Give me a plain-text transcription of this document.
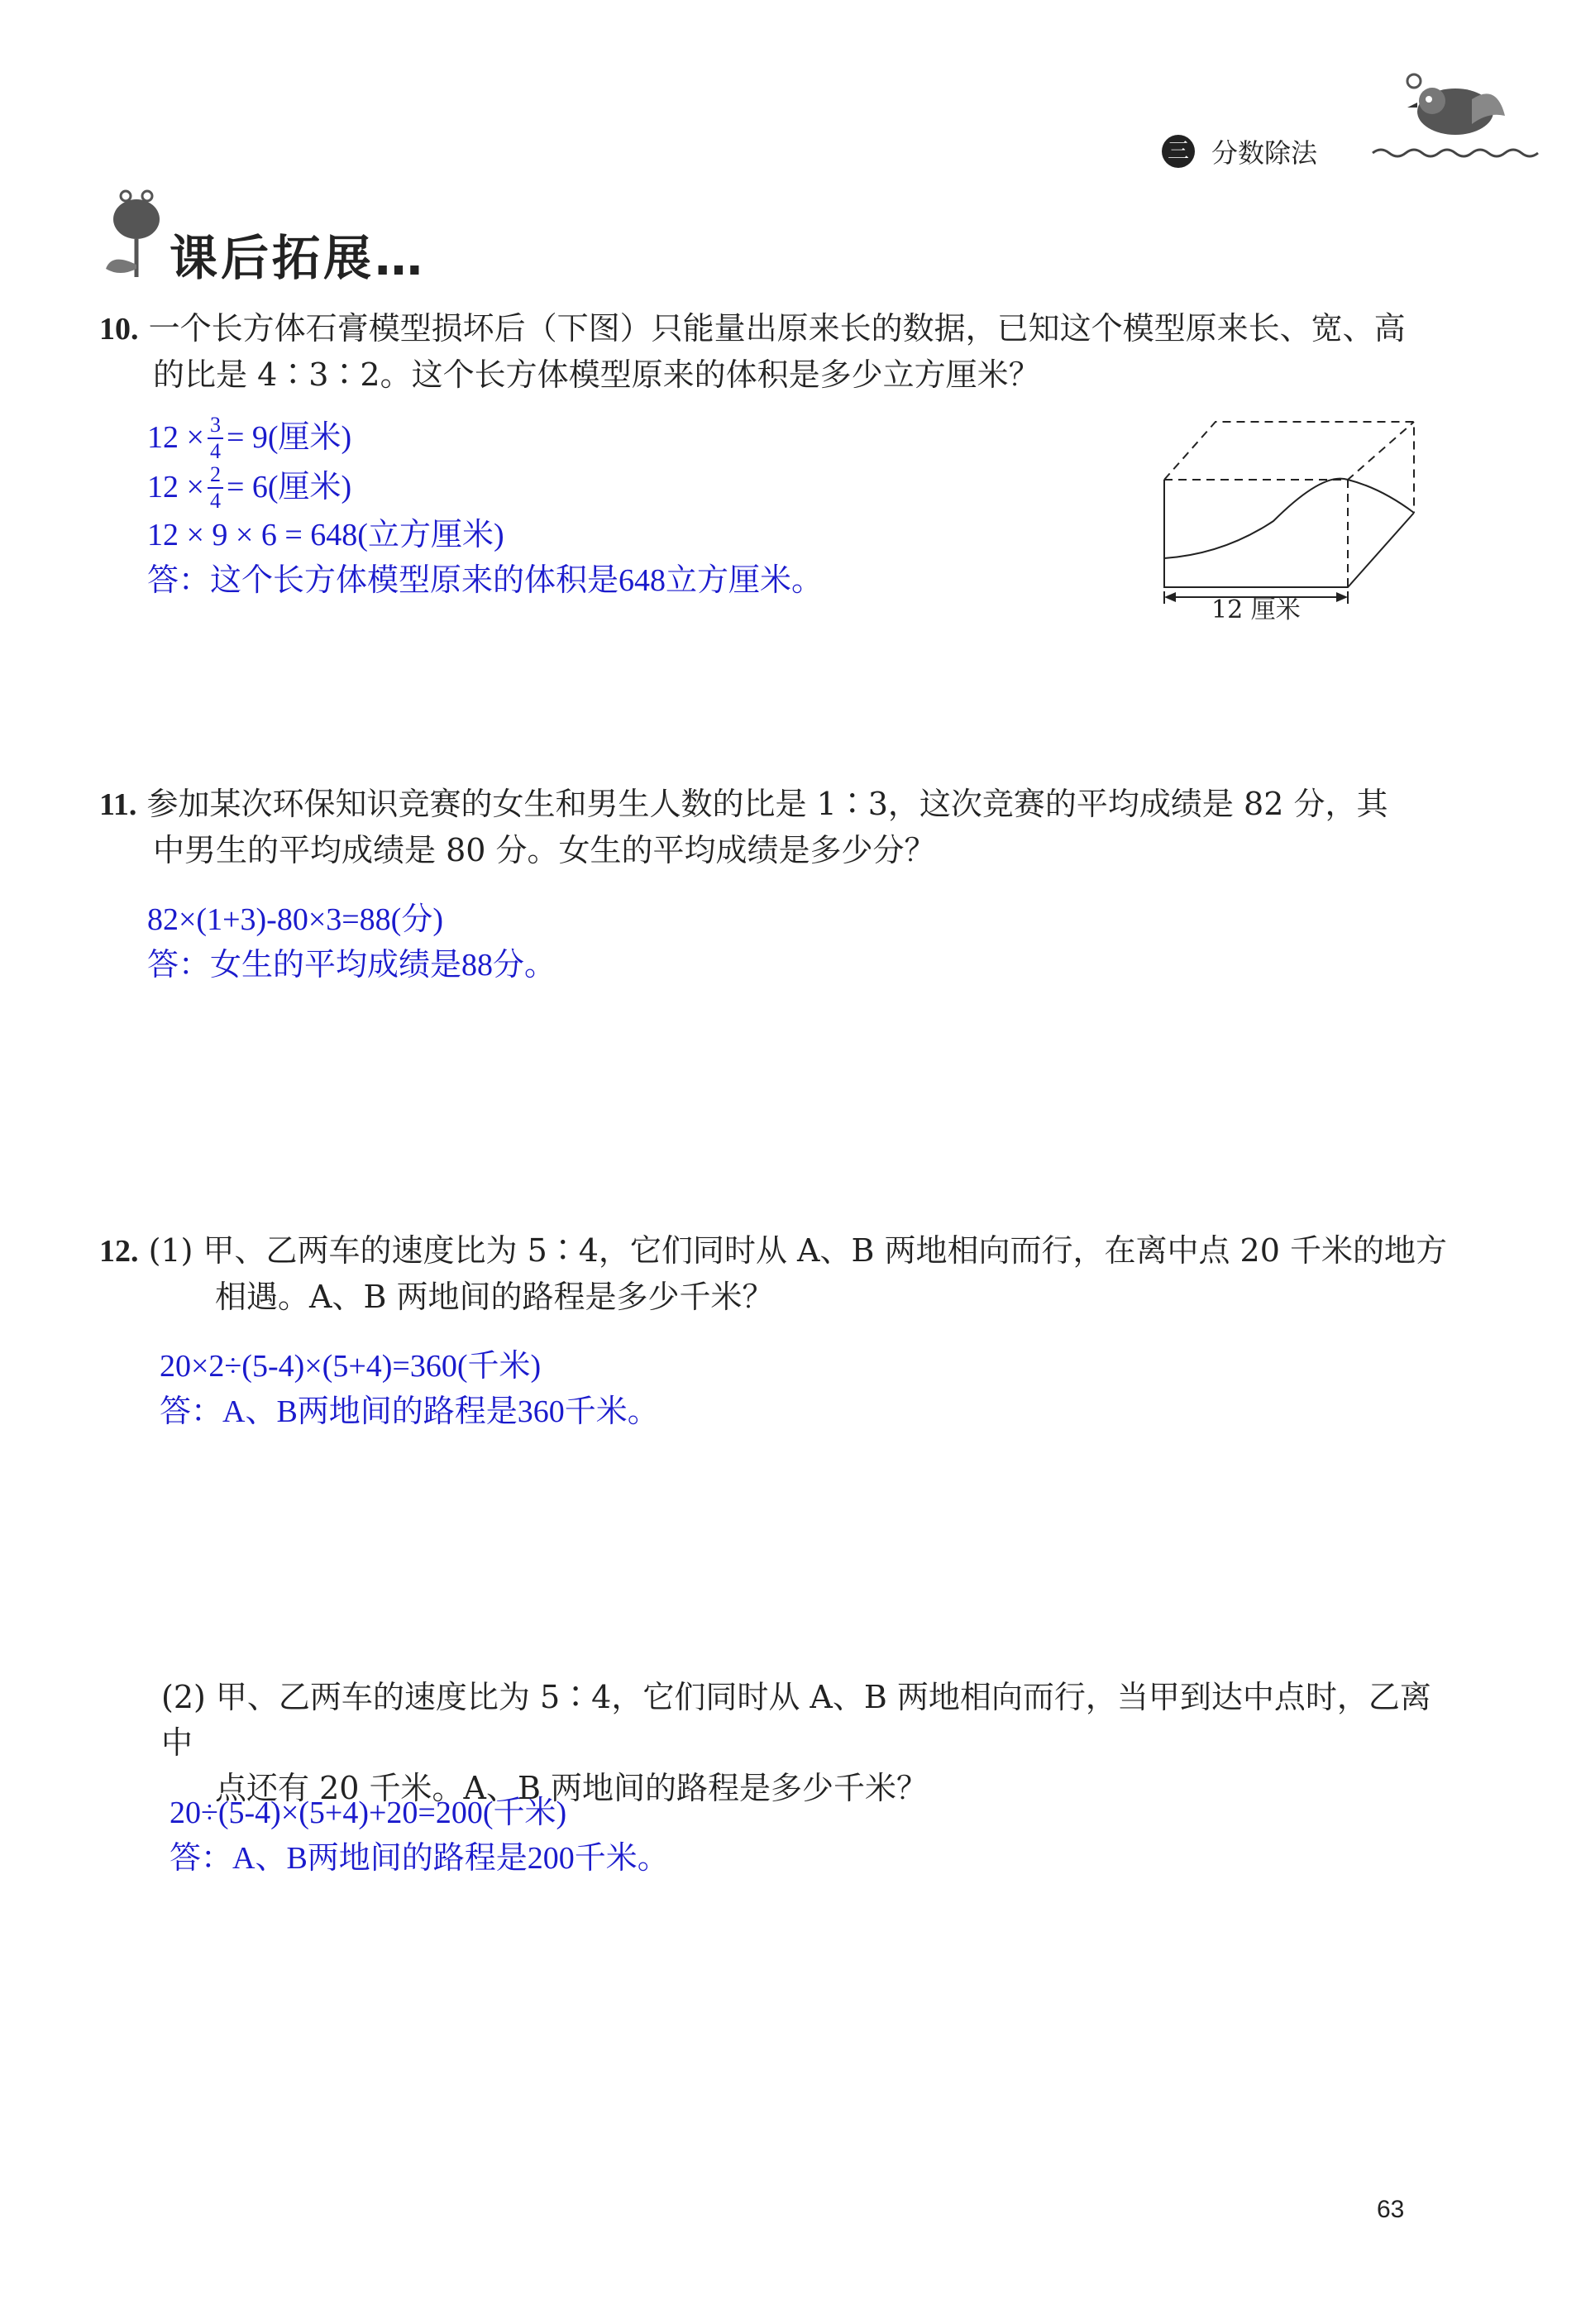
三 分数除法
课后拓展…
10. 一个长方体石膏模型损坏后（下图）只能量出原来长的数据，已知这个模型原来长、宽、高
的比是 4∶3∶2。这个长方体模型原来的体积是多少立方厘米？
$12 \times \frac{3}{4} = 9$(厘米)
$12 \times \frac{2}{4} = 6$(厘米)
12 × 9 × 6 = 648(立方厘米)
答：这个长方体模型原来的体积是648立方厘米。
12 厘米
11. 参加某次环保知识竞赛的女生和男生人数的比是 1∶3，这次竞赛的平均成绩是 82 分，其
中男生的平均成绩是 80 分。女生的平均成绩是多少分？
82×(1+3)-80×3=88(分)
答：女生的平均成绩是88分。
12. (1) 甲、乙两车的速度比为 5∶4，它们同时从 A、B 两地相向而行，在离中点 20 千米的地方
相遇。A、B 两地间的路程是多少千米？
20×2÷(5-4)×(5+4)=360(千米)
答：A、B两地间的路程是360千米。
(2) 甲、乙两车的速度比为 5∶4，它们同时从 A、B 两地相向而行，当甲到达中点时，乙离中
点还有 20 千米。A、B 两地间的路程是多少千米？
20÷(5-4)×(5+4)+20=200(千米)
答：A、B两地间的路程是200千米。
63
